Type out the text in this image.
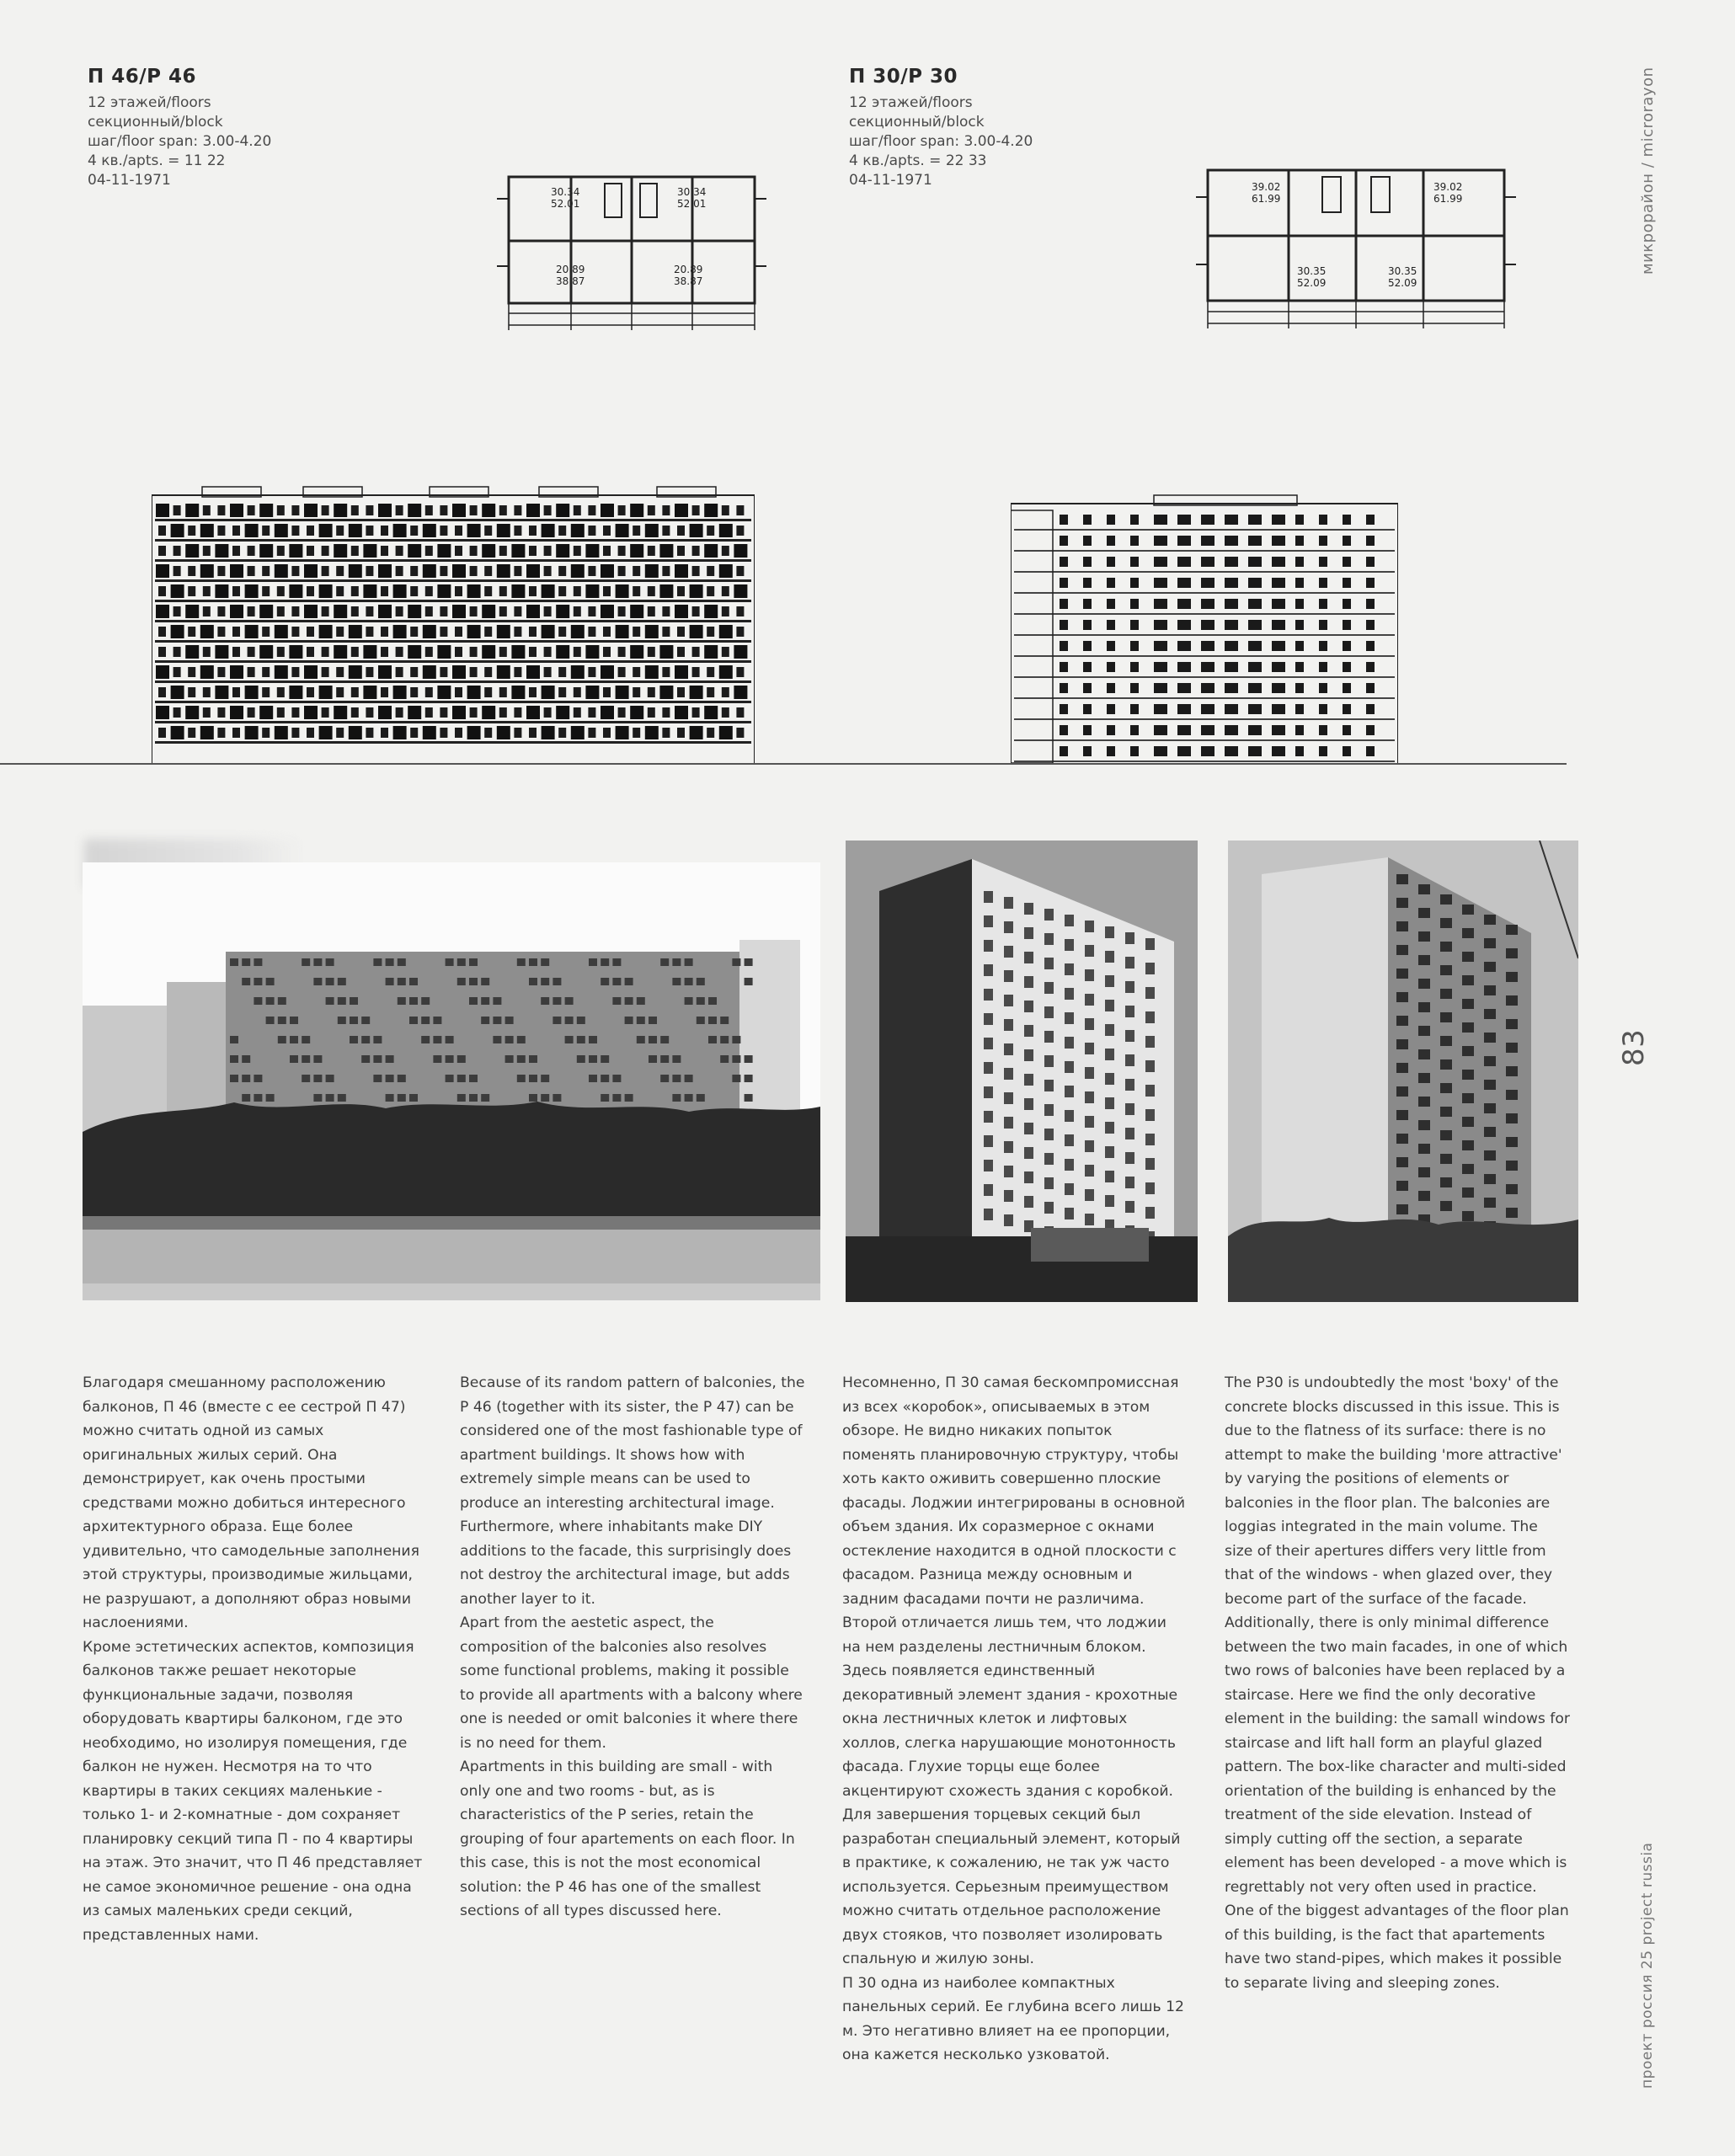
П 46/P 46
12 этажей/floors
секционный/block
шаг/floor span: 3.00-4.20
4 кв./apts. = 11 22
04-11-1971
П 30/P 30
12 этажей/floors
секционный/block
шаг/floor span: 3.00-4.20
4 кв./apts. = 22 33
04-11-1971
30.34
52.01
30.34
52.01
20.89
38.87
20.89
38.87
39.02
61.99
39.02
61.99
30.35
52.09
30.35
52.09

Благодаря смешанному расположению балконов, П 46 (вместе с ее сестрой П 47) можно считать одной из самых оригинальных жилых серий. Она демонстрирует, как очень простыми средствами можно добиться интересного архитектурного образа. Еще более удивительно, что самодельные заполнения этой структуры, производимые жильцами, не разрушают, а дополняют образ новыми наслоениями.

Кроме эстетических аспектов, композиция балконов также решает некоторые функциональные задачи, позволяя оборудовать квартиры балконом, где это необходимо, но изолируя помещения, где балкон не нужен. Несмотря на то что квартиры в таких секциях маленькие - только 1- и 2-комнатные - дом сохраняет планировку секций типа П - по 4 квартиры на этаж. Это значит, что П 46 представляет не самое экономичное решение - она одна из самых маленьких среди секций, представленных нами.

Because of its random pattern of balconies, the P 46 (together with its sister, the P 47) can be considered one of the most fashionable type of apartment buildings. It shows how with extremely simple means can be used to produce an interesting architectural image. Furthermore, where inhabitants make DIY additions to the facade, this surprisingly does not destroy the architectural image, but adds another layer to it.

Apart from the aestetic aspect, the composition of the balconies also resolves some functional problems, making it possible to provide all apartments with a balcony where one is needed or omit balconies it where there is no need for them.

Apartments in this building are small - with only one and two rooms - but, as is characteristics of the P series, retain the grouping of four apartements on each floor. In this case, this is not the most economical solution: the P 46 has one of the smallest sections of all types discussed here.

Несомненно, П 30 самая бескомпромиссная из всех «коробок», описываемых в этом обзоре. Не видно никаких попыток поменять планировочную структуру, чтобы хоть както оживить совершенно плоские фасады. Лоджии интегрированы в основной объем здания. Их соразмерное с окнами остекление находится в одной плоскости с фасадом. Разница между основным и задним фасадами почти не различима. Второй отличается лишь тем, что лоджии на нем разделены лестничным блоком. Здесь появляется единственный декоративный элемент здания - крохотные окна лестничных клеток и лифтовых холлов, слегка нарушающие монотонность фасада. Глухие торцы еще более акцентируют схожесть здания с коробкой. Для завершения торцевых секций был разработан специальный элемент, который в практике, к сожалению, не так уж часто используется. Серьезным преимуществом можно считать отдельное расположение двух стояков, что позволяет изолировать спальную и жилую зоны.

П 30 одна из наиболее компактных панельных серий. Ее глубина всего лишь 12 м. Это негативно влияет на ее пропорции, она кажется несколько узковатой.

The P30 is undoubtedly the most 'boxy' of the concrete blocks discussed in this issue. This is due to the flatness of its surface: there is no attempt to make the building 'more attractive' by varying the positions of elements or balconies in the floor plan. The balconies are loggias integrated in the main volume. The size of their apertures differs very little from that of the windows - when glazed over, they become part of the surface of the facade. Additionally, there is only minimal difference between the two main facades, in one of which two rows of balconies have been replaced by a staircase. Here we find the only decorative element in the building: the samall windows for staircase and lift hall form an playful glazed pattern. The box-like character and multi-sided orientation of the building is enhanced by the treatment of the side elevation. Instead of simply cutting off the section, a separate element has been developed - a move which is regrettably not very often used in practice.

One of the biggest advantages of the floor plan of this building, is the fact that apartements have two stand-pipes, which makes it possible to separate living and sleeping zones.

микрорайон / microrayon
83
проект россия 25 project russia
